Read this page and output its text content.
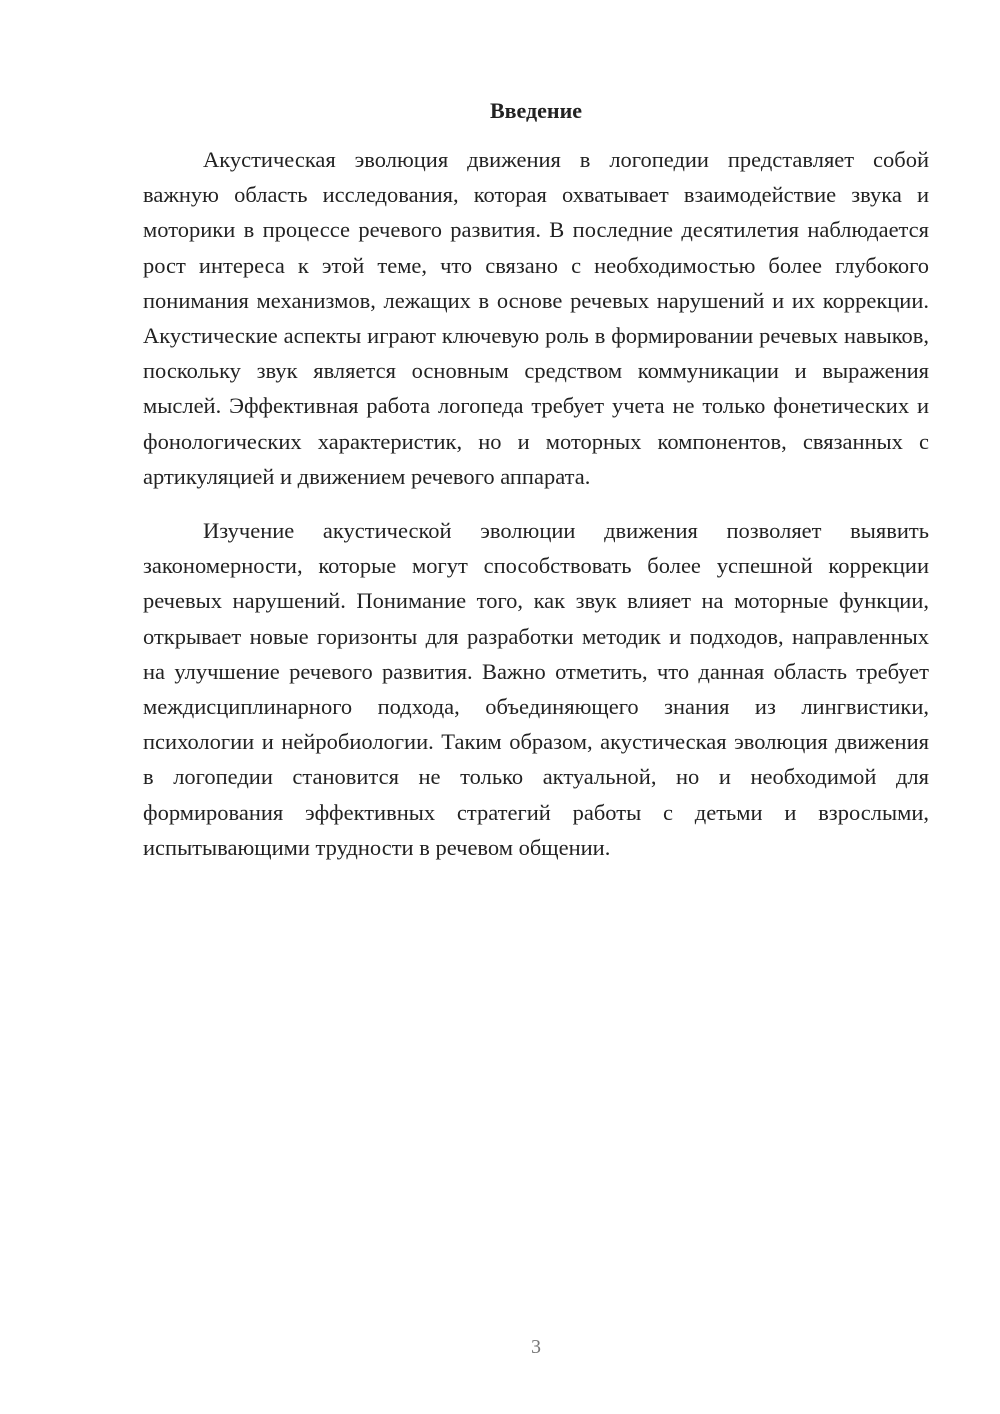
Введение

Акустическая эволюция движения в логопедии представляет собой важную область исследования, которая охватывает взаимодействие звука и моторики в процессе речевого развития. В последние десятилетия наблюдается рост интереса к этой теме, что связано с необходимостью более глубокого понимания механизмов, лежащих в основе речевых нарушений и их коррекции. Акустические аспекты играют ключевую роль в формировании речевых навыков, поскольку звук является основным средством коммуникации и выражения мыслей. Эффективная работа логопеда требует учета не только фонетических и фонологических характеристик, но и моторных компонентов, связанных с артикуляцией и движением речевого аппарата.

Изучение акустической эволюции движения позволяет выявить закономерности, которые могут способствовать более успешной коррекции речевых нарушений. Понимание того, как звук влияет на моторные функции, открывает новые горизонты для разработки методик и подходов, направленных на улучшение речевого развития. Важно отметить, что данная область требует междисциплинарного подхода, объединяющего знания из лингвистики, психологии и нейробиологии. Таким образом, акустическая эволюция движения в логопедии становится не только актуальной, но и необходимой для формирования эффективных стратегий работы с детьми и взрослыми, испытывающими трудности в речевом общении.

3
